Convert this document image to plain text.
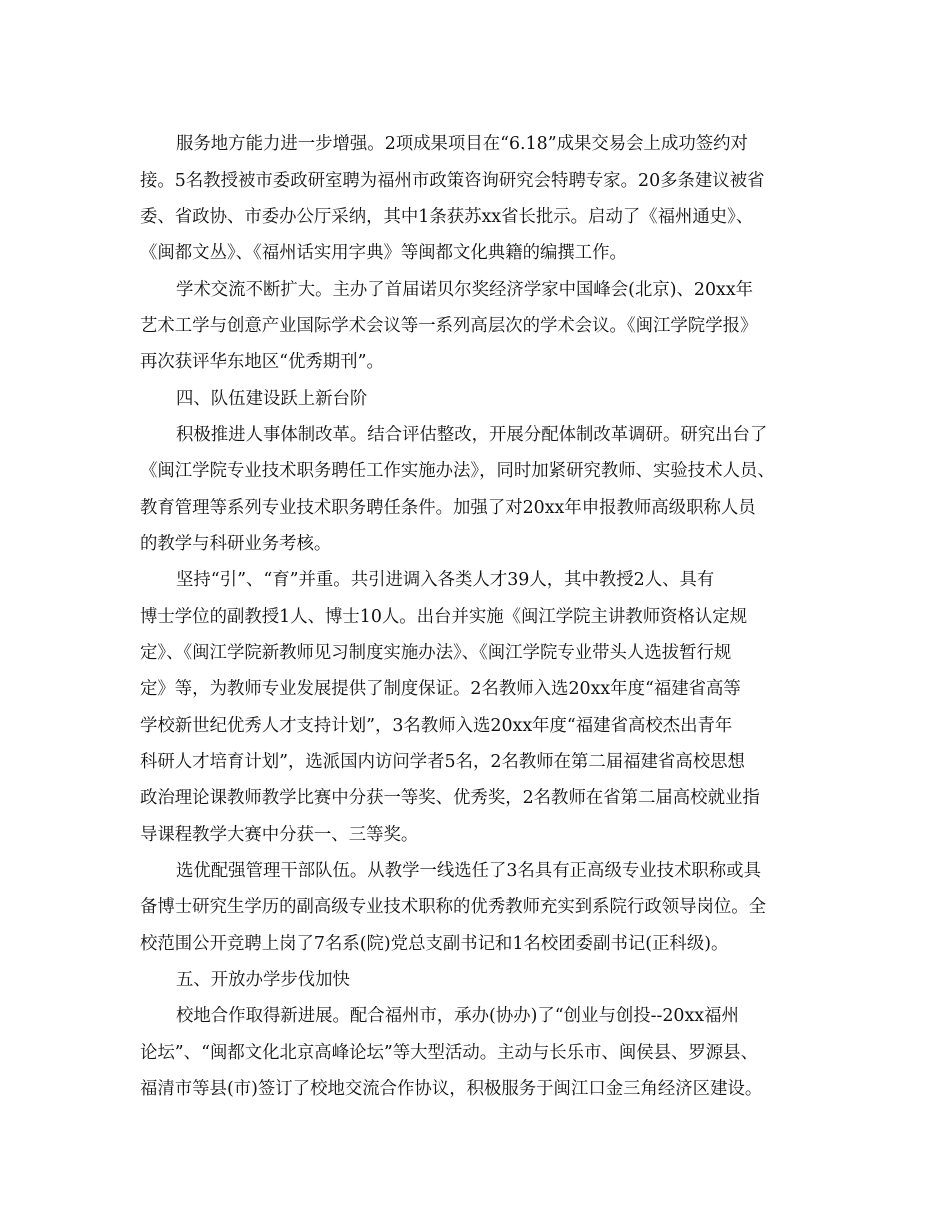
服务地方能力进一步增强。2项成果项目在“6.18”成果交易会上成功签约对
接。5名教授被市委政研室聘为福州市政策咨询研究会特聘专家。20多条建议被省
委、省政协、市委办公厅采纳，其中1条获苏xx省长批示。启动了《福州通史》、
《闽都文丛》、《福州话实用字典》等闽都文化典籍的编撰工作。
学术交流不断扩大。主办了首届诺贝尔奖经济学家中国峰会(北京)、20xx年
艺术工学与创意产业国际学术会议等一系列高层次的学术会议。《闽江学院学报》
再次获评华东地区“优秀期刊”。
四、队伍建设跃上新台阶
积极推进人事体制改革。结合评估整改，开展分配体制改革调研。研究出台了
《闽江学院专业技术职务聘任工作实施办法》，同时加紧研究教师、实验技术人员、
教育管理等系列专业技术职务聘任条件。加强了对20xx年申报教师高级职称人员
的教学与科研业务考核。
坚持“引”、“育”并重。共引进调入各类人才39人，其中教授2人、具有
博士学位的副教授1人、博士10人。出台并实施《闽江学院主讲教师资格认定规
定》、《闽江学院新教师见习制度实施办法》、《闽江学院专业带头人选拔暂行规
定》等，为教师专业发展提供了制度保证。2名教师入选20xx年度“福建省高等
学校新世纪优秀人才支持计划”，3名教师入选20xx年度“福建省高校杰出青年
科研人才培育计划”，选派国内访问学者5名，2名教师在第二届福建省高校思想
政治理论课教师教学比赛中分获一等奖、优秀奖，2名教师在省第二届高校就业指
导课程教学大赛中分获一、三等奖。
选优配强管理干部队伍。从教学一线选任了3名具有正高级专业技术职称或具
备博士研究生学历的副高级专业技术职称的优秀教师充实到系院行政领导岗位。全
校范围公开竞聘上岗了7名系(院)党总支副书记和1名校团委副书记(正科级)。
五、开放办学步伐加快
校地合作取得新进展。配合福州市，承办(协办)了“创业与创投--20xx福州
论坛”、“闽都文化北京高峰论坛”等大型活动。主动与长乐市、闽侯县、罗源县、
福清市等县(市)签订了校地交流合作协议，积极服务于闽江口金三角经济区建设。
